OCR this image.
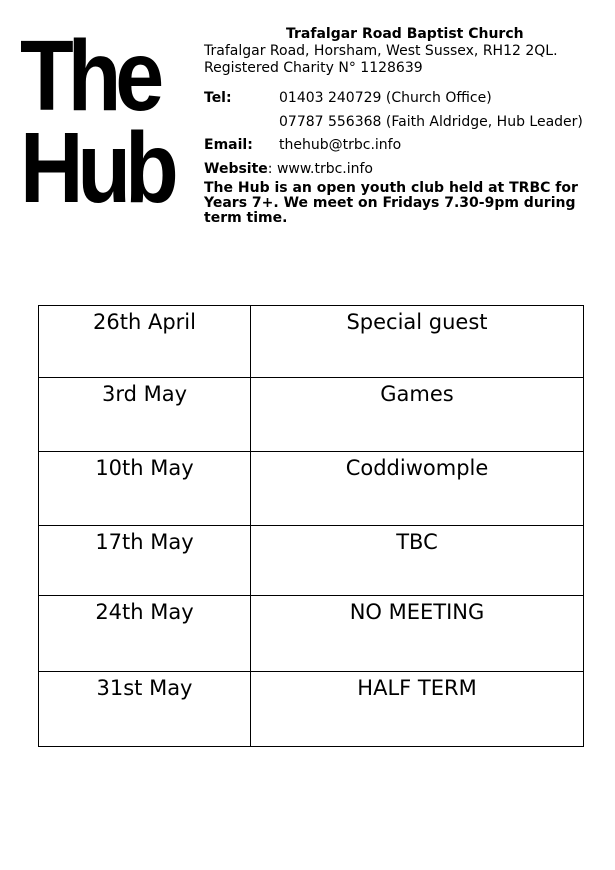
The
Hub
Trafalgar Road Baptist Church
Trafalgar Road, Horsham, West Sussex, RH12 2QL.
Registered Charity N° 1128639
Tel:	01403 240729 (Church Office)
07787 556368 (Faith Aldridge, Hub Leader)
Email:	thehub@trbc.info
Website : www.trbc.info
The Hub is an open youth club held at TRBC for Years 7+. We meet on Fridays 7.30-9pm during term time.
26th April	Special guest
3rd May	Games
10th May	Coddiwomple
17th May	TBC
24th May	NO MEETING
31st May	HALF TERM
